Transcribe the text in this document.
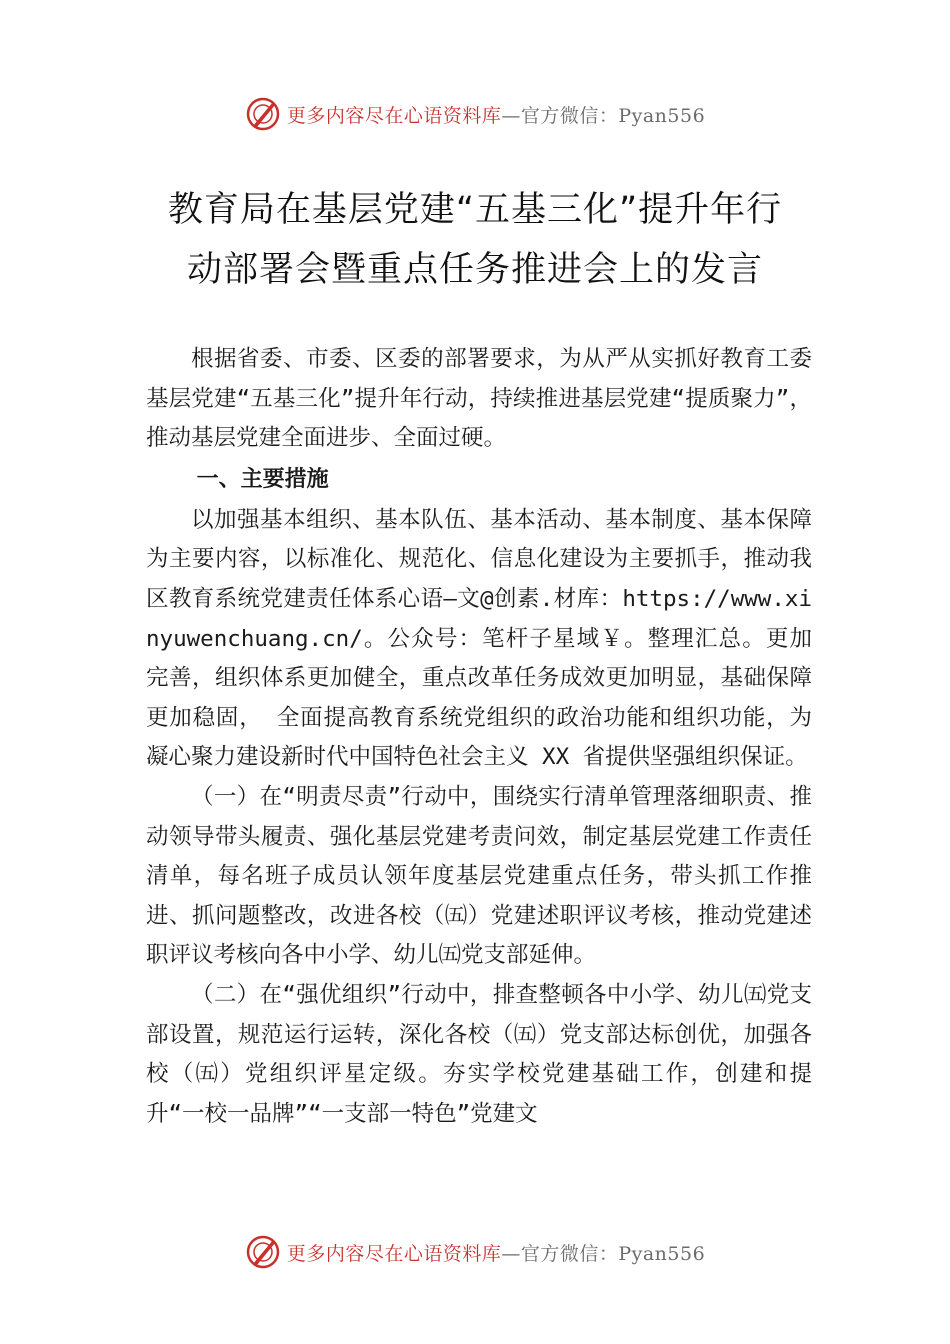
更多内容尽在心语资料库—官方微信：Pyan556
教育局在基层党建“五基三化”提升年行
动部署会暨重点任务推进会上的发言

根据省委、市委、区委的部署要求，为从严从实抓好教育工委基层党建“五基三化”提升年行动，持续推进基层党建“提质聚力”，推动基层党建全面进步、全面过硬。

一、主要措施

以加强基本组织、基本队伍、基本活动、基本制度、基本保障为主要内容，以标准化、规范化、信息化建设为主要抓手，推动我区教育系统党建责任体系心语—文@创素.材库：https://www.xinyuwenchuang.cn/。公众号：笔杆子星域￥。整理汇总。更加完善，组织体系更加健全，重点改革任务成效更加明显，基础保障更加稳固， 全面提高教育系统党组织的政治功能和组织功能，为凝心聚力建设新时代中国特色社会主义 XX 省提供坚强组织保证。

（一）在“明责尽责”行动中，围绕实行清单管理落细职责、推动领导带头履责、强化基层党建考责问效，制定基层党建工作责任清单，每名班子成员认领年度基层党建重点任务，带头抓工作推进、抓问题整改，改进各校（㈤）党建述职评议考核，推动党建述职评议考核向各中小学、幼儿㈤党支部延伸。

（二）在“强优组织”行动中，排查整顿各中小学、幼儿㈤党支部设置，规范运行运转，深化各校（㈤）党支部达标创优，加强各校（㈤）党组织评星定级。夯实学校党建基础工作，创建和提升“一校一品牌”“一支部一特色”党建文

更多内容尽在心语资料库—官方微信：Pyan556
